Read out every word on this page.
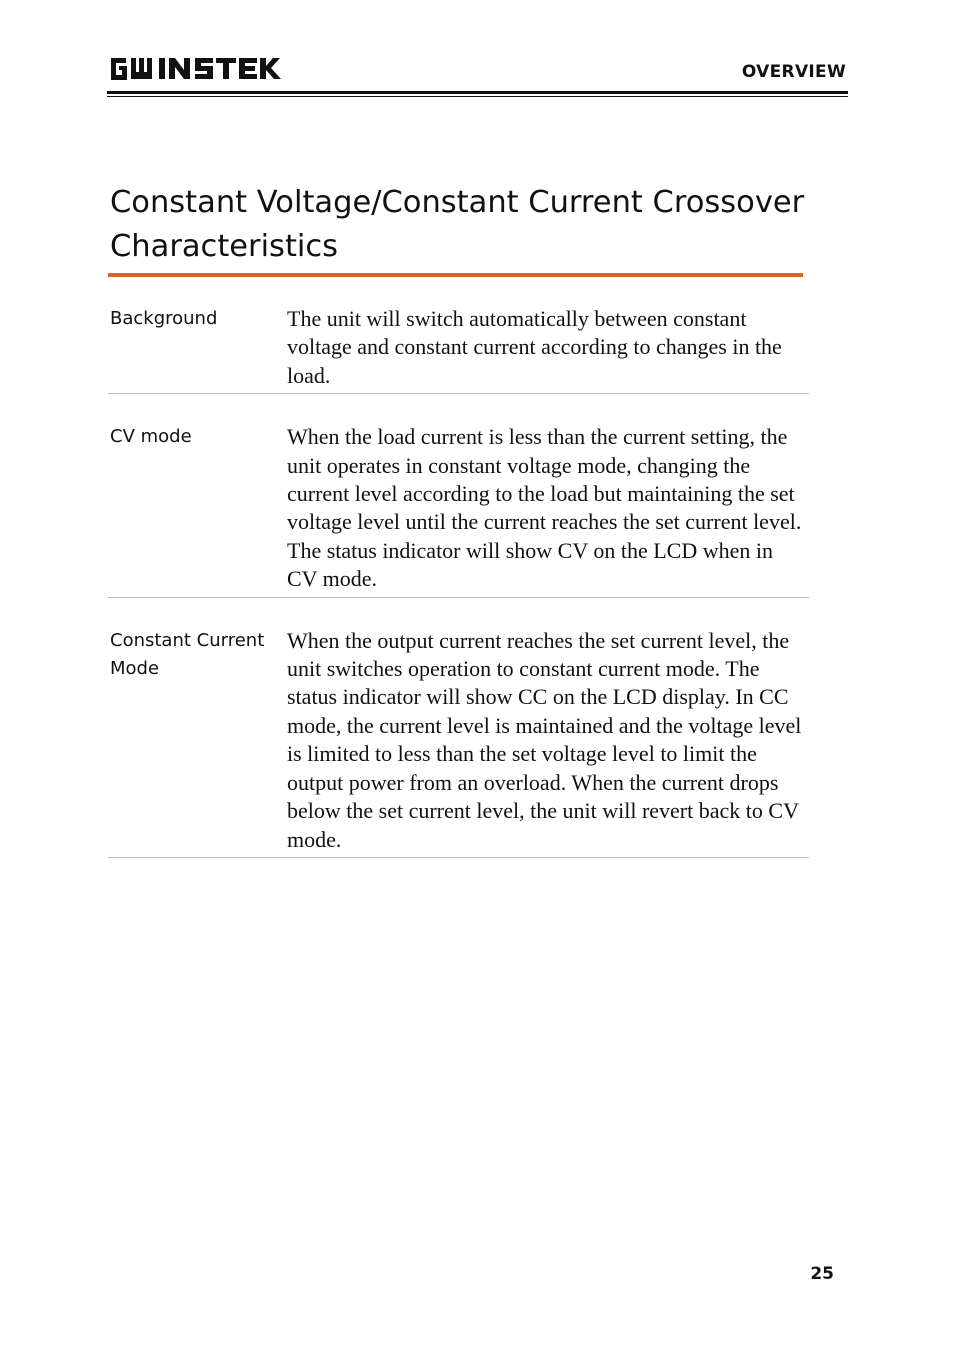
OVERVIEW
Constant Voltage/Constant Current Crossover Characteristics
Background	The unit will switch automatically between constant voltage and constant current according to changes in the load.
CV mode	When the load current is less than the current setting, the unit operates in constant voltage mode, changing the current level according to the load but maintaining the set voltage level until the current reaches the set current level. The status indicator will show CV on the LCD when in CV mode.
Constant Current Mode
When the output current reaches the set current level, the unit switches operation to constant current mode. The status indicator will show CC on the LCD display. In CC mode, the current level is maintained and the voltage level is limited to less than the set voltage level to limit the output power from an overload. When the current drops below the set current level, the unit will revert back to CV mode.
25
